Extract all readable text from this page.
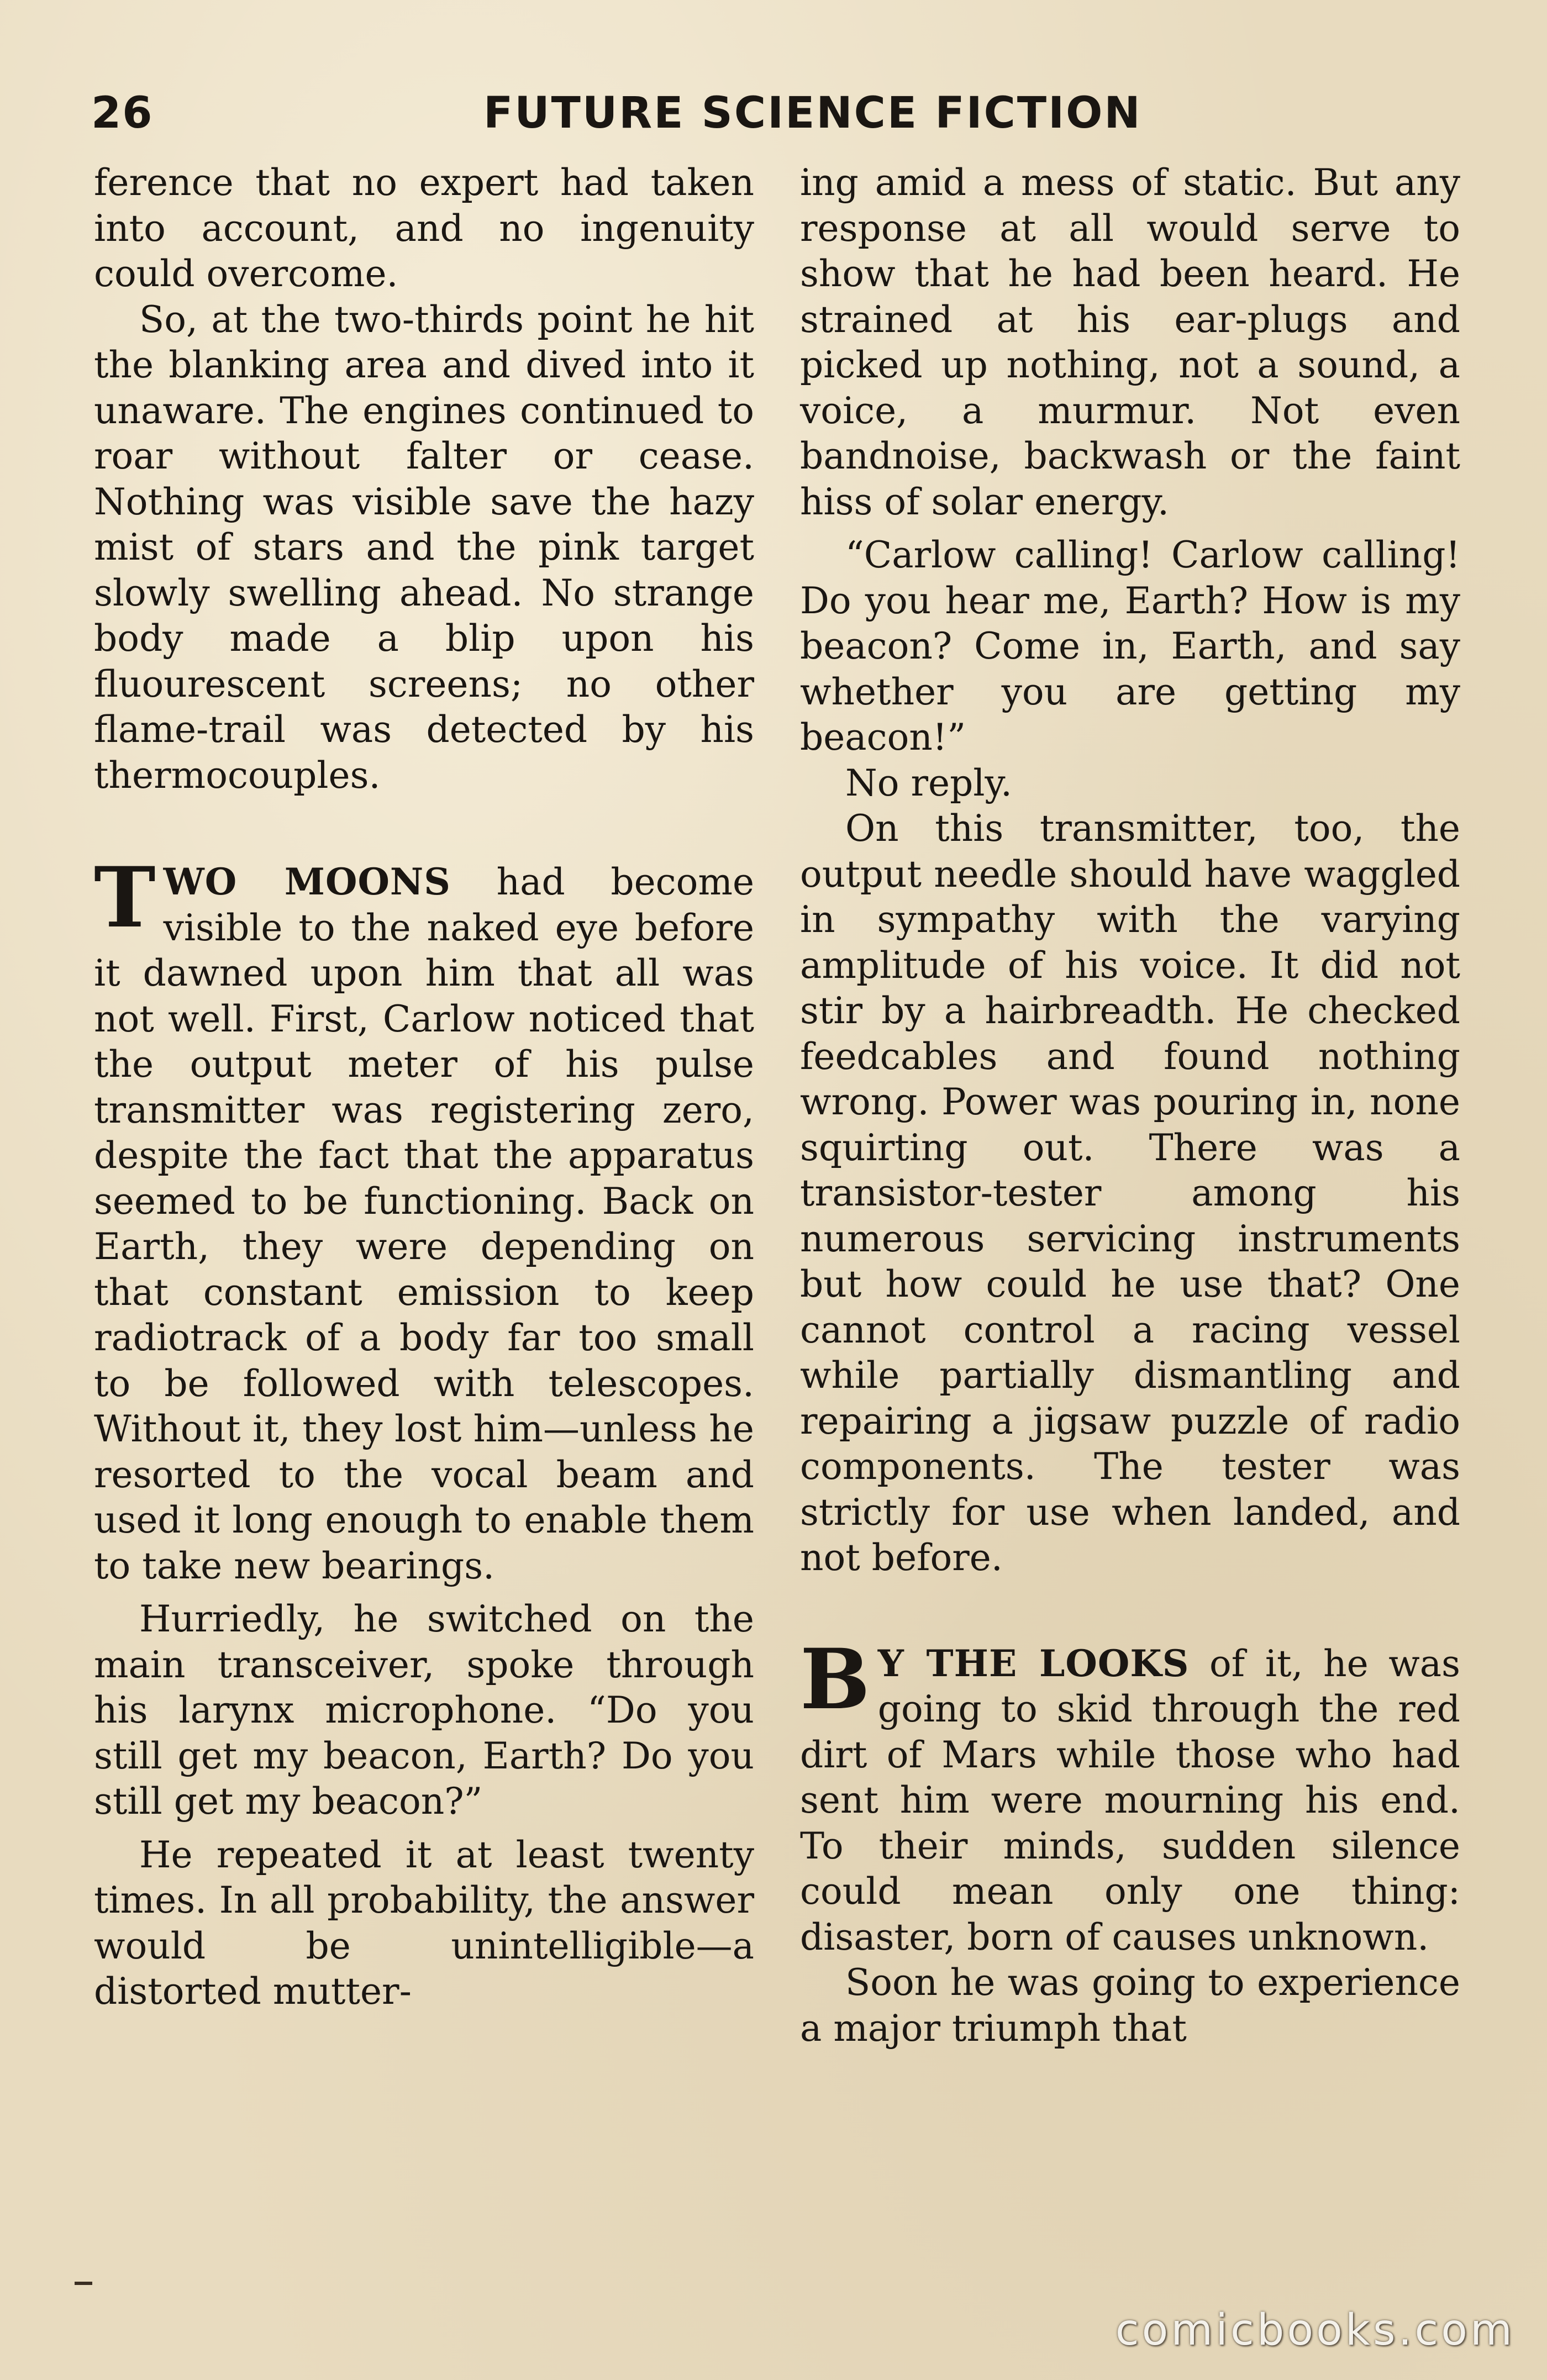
26	FUTURE SCIENCE FICTION

ference that no expert had taken into account, and no ingenuity could overcome.

So, at the two-thirds point he hit the blanking area and dived into it unaware. The engines continued to roar without falter or cease. Nothing was visible save the hazy mist of stars and the pink target slowly swelling ahead. No strange body made a blip upon his fluourescent screens; no other flame-trail was detected by his thermocouples.

TWO MOONS had become visible to the naked eye before it dawned upon him that all was not well. First, Carlow noticed that the output meter of his pulse transmitter was registering zero, despite the fact that the apparatus seemed to be functioning. Back on Earth, they were depending on that constant emission to keep radiotrack of a body far too small to be followed with telescopes. Without it, they lost him—unless he resorted to the vocal beam and used it long enough to enable them to take new bearings.

Hurriedly, he switched on the main transceiver, spoke through his larynx microphone. “Do you still get my beacon, Earth? Do you still get my beacon?”

He repeated it at least twenty times. In all probability, the answer would be unintelligible—a distorted mutter-

ing amid a mess of static. But any response at all would serve to show that he had been heard. He strained at his ear-plugs and picked up nothing, not a sound, a voice, a murmur. Not even bandnoise, backwash or the faint hiss of solar energy.

“Carlow calling! Carlow calling! Do you hear me, Earth? How is my beacon? Come in, Earth, and say whether you are getting my beacon!”

No reply.

On this transmitter, too, the output needle should have waggled in sympathy with the varying amplitude of his voice. It did not stir by a hairbreadth. He checked feedcables and found nothing wrong. Power was pouring in, none squirting out. There was a transistor-tester among his numerous servicing instruments but how could he use that? One cannot control a racing vessel while partially dismantling and repairing a jigsaw puzzle of radio components. The tester was strictly for use when landed, and not before.

B Y THE LOOKS of it, he was going to skid through the red dirt of Mars while those who had sent him were mourning his end. To their minds, sudden silence could mean only one thing: disaster, born of causes unknown.

Soon he was going to experience a major triumph that

comicbooks.com
